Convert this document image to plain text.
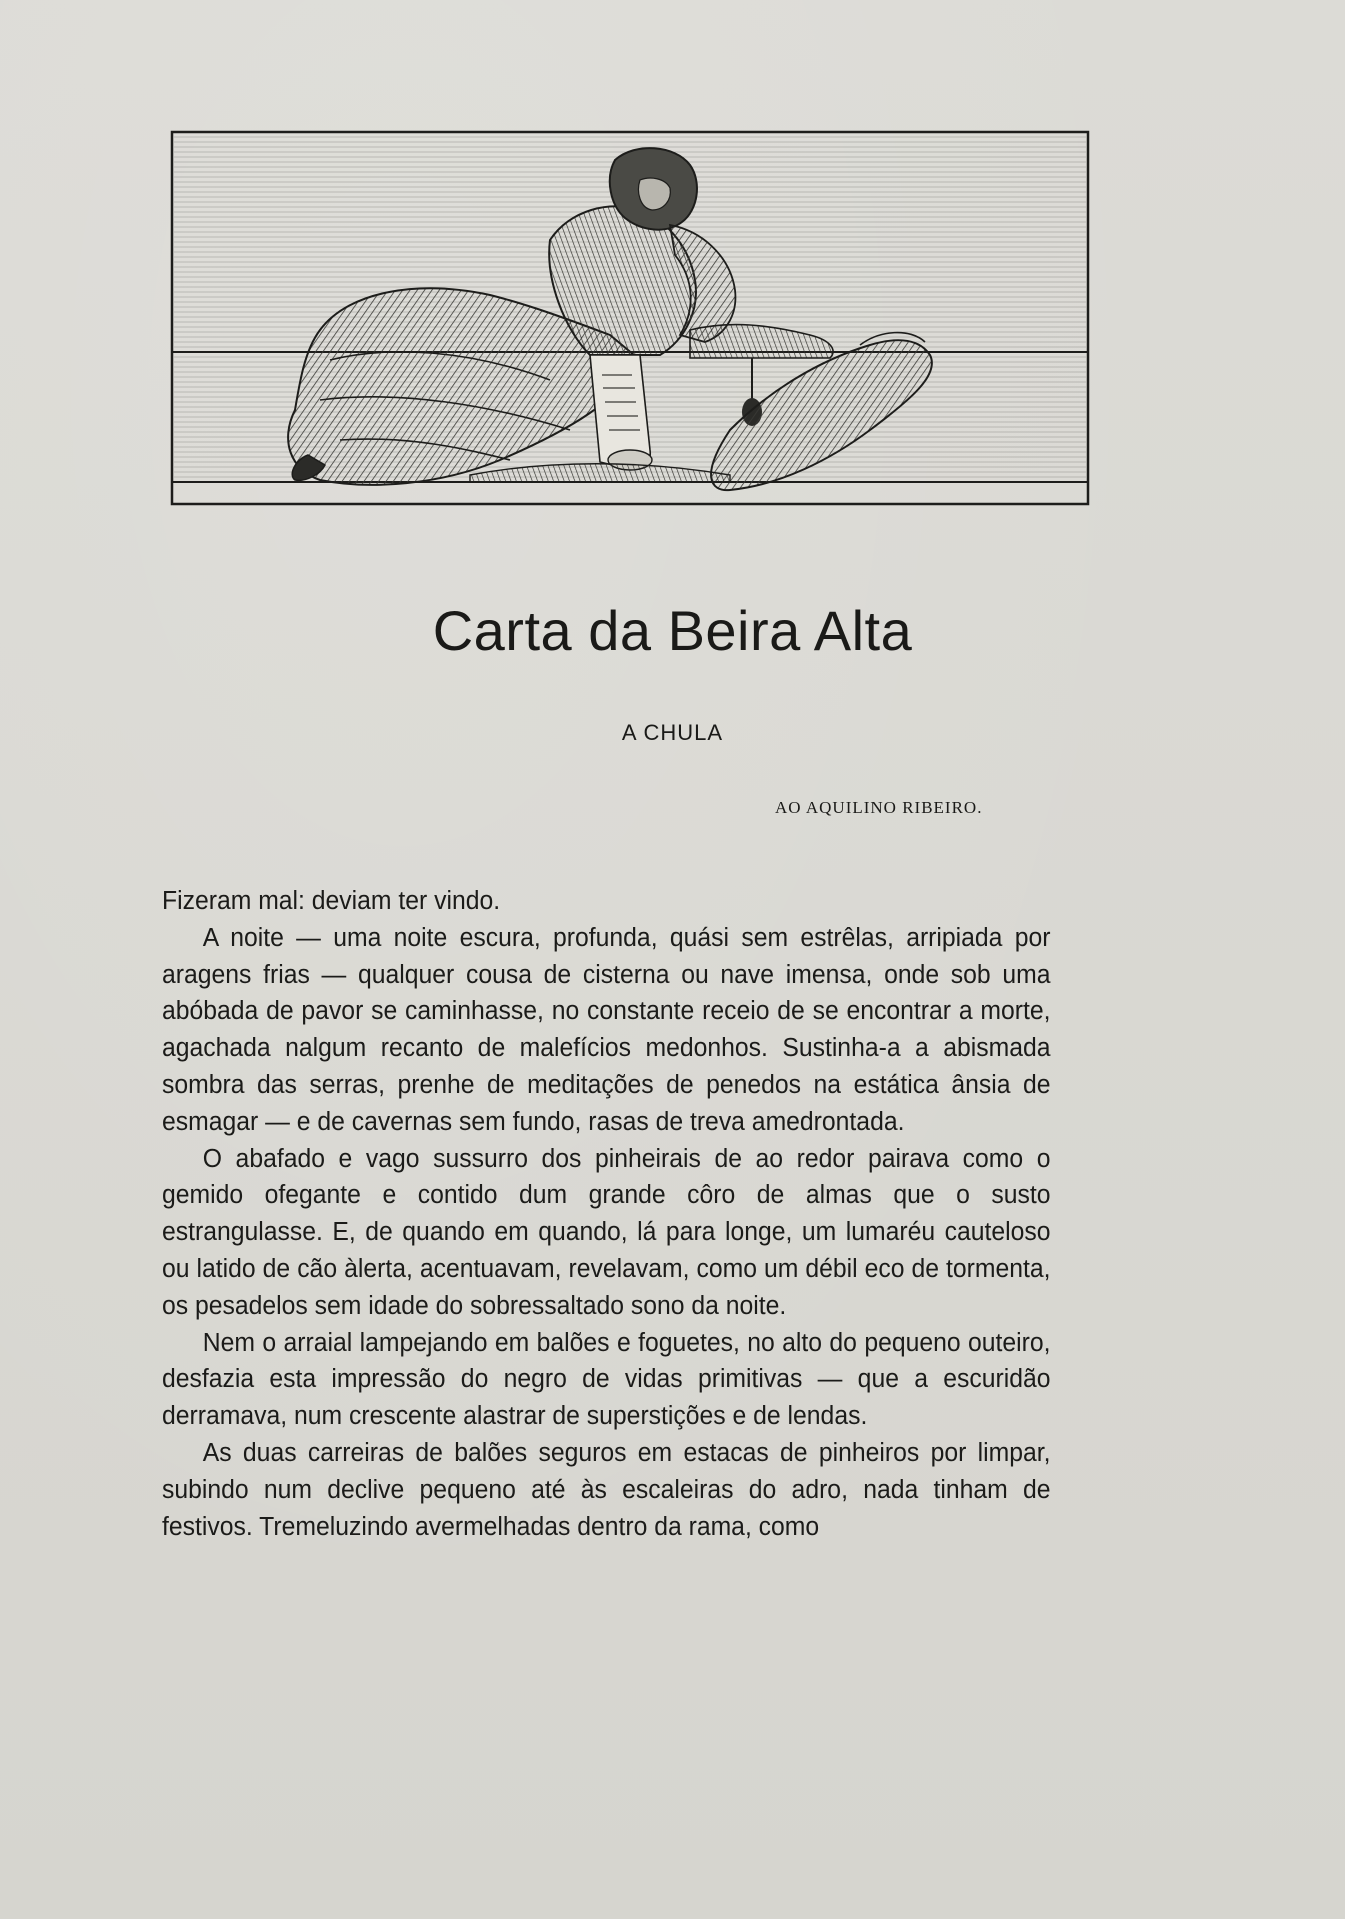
Carta da Beira Alta
A CHULA
AO AQUILINO RIBEIRO.

Fizeram mal: deviam ter vindo.

A noite — uma noite escura, profunda, quási sem estrêlas, arripiada por aragens frias — qualquer cousa de cisterna ou nave imensa, onde sob uma abóbada de pavor se caminhasse, no constante receio de se encontrar a morte, agachada nalgum recanto de malefícios medonhos. Sustinha-a a abismada sombra das serras, prenhe de meditações de penedos na estática ânsia de esmagar — e de cavernas sem fundo, rasas de treva amedrontada.

O abafado e vago sussurro dos pinheirais de ao redor pairava como o gemido ofegante e contido dum grande côro de almas que o susto estrangulasse. E, de quando em quando, lá para longe, um lumaréu cauteloso ou latido de cão àlerta, acentuavam, revelavam, como um débil eco de tormenta, os pesadelos sem idade do sobressaltado sono da noite.

Nem o arraial lampejando em balões e foguetes, no alto do pequeno outeiro, desfazia esta impressão do negro de vidas primitivas — que a escuridão derramava, num crescente alastrar de superstições e de lendas.

As duas carreiras de balões seguros em estacas de pinheiros por limpar, subindo num declive pequeno até às escaleiras do adro, nada tinham de festivos. Tremeluzindo avermelhadas dentro da rama, como
